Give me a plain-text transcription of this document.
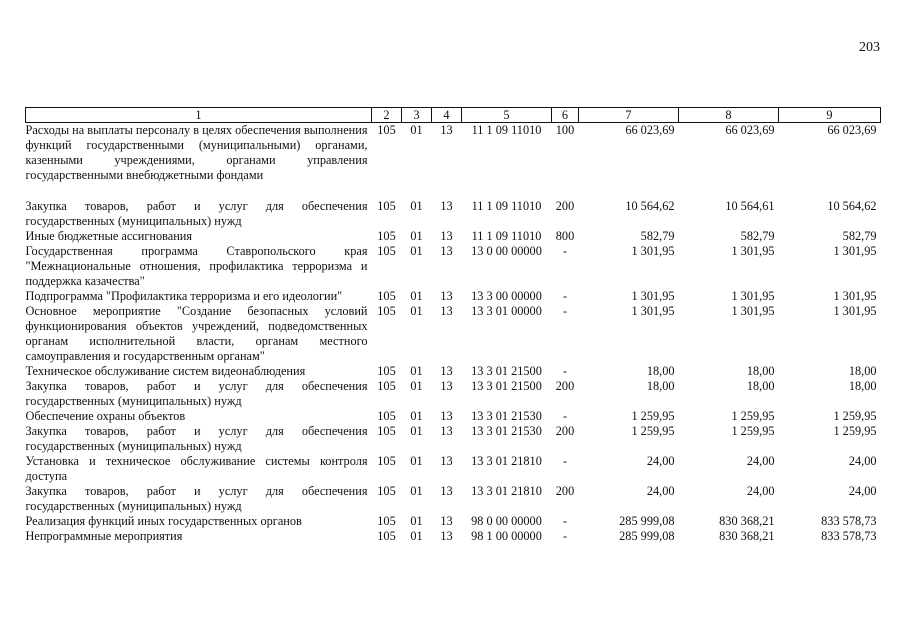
203
1	2	3	4	5	6	7	8	9
Расходы на выплаты персоналу в целях обеспечения выполнения функций государственными (муниципальными) органами, казенными учреждениями, органами управления государственными внебюджетными фондами	105	01	13	11 1 09 11010	100	66 023,69	66 023,69	66 023,69
Закупка товаров, работ и услуг для обеспечения государственных (муниципальных) нужд	105	01	13	11 1 09 11010	200	10 564,62	10 564,61	10 564,62
Иные бюджетные ассигнования	105	01	13	11 1 09 11010	800	582,79	582,79	582,79
Государственная программа Ставропольского края "Межнациональные отношения, профилактика терроризма и поддержка казачества"	105	01	13	13 0 00 00000	-	1 301,95	1 301,95	1 301,95
Подпрограмма "Профилактика терроризма и его идеологии"	105	01	13	13 3 00 00000	-	1 301,95	1 301,95	1 301,95
Основное мероприятие "Создание безопасных условий функционирования объектов учреждений, подведомственных органам исполнительной власти, органам местного самоуправления и государственным органам"	105	01	13	13 3 01 00000	-	1 301,95	1 301,95	1 301,95
Техническое обслуживание систем видеонаблюдения	105	01	13	13 3 01 21500	-	18,00	18,00	18,00
Закупка товаров, работ и услуг для обеспечения государственных (муниципальных) нужд	105	01	13	13 3 01 21500	200	18,00	18,00	18,00
Обеспечение охраны объектов	105	01	13	13 3 01 21530	-	1 259,95	1 259,95	1 259,95
Закупка товаров, работ и услуг для обеспечения государственных (муниципальных) нужд	105	01	13	13 3 01 21530	200	1 259,95	1 259,95	1 259,95
Установка и техническое обслуживание системы контроля доступа	105	01	13	13 3 01 21810	-	24,00	24,00	24,00
Закупка товаров, работ и услуг для обеспечения государственных (муниципальных) нужд	105	01	13	13 3 01 21810	200	24,00	24,00	24,00
Реализация функций иных государственных органов	105	01	13	98 0 00 00000	-	285 999,08	830 368,21	833 578,73
Непрограммные мероприятия	105	01	13	98 1 00 00000	-	285 999,08	830 368,21	833 578,73
